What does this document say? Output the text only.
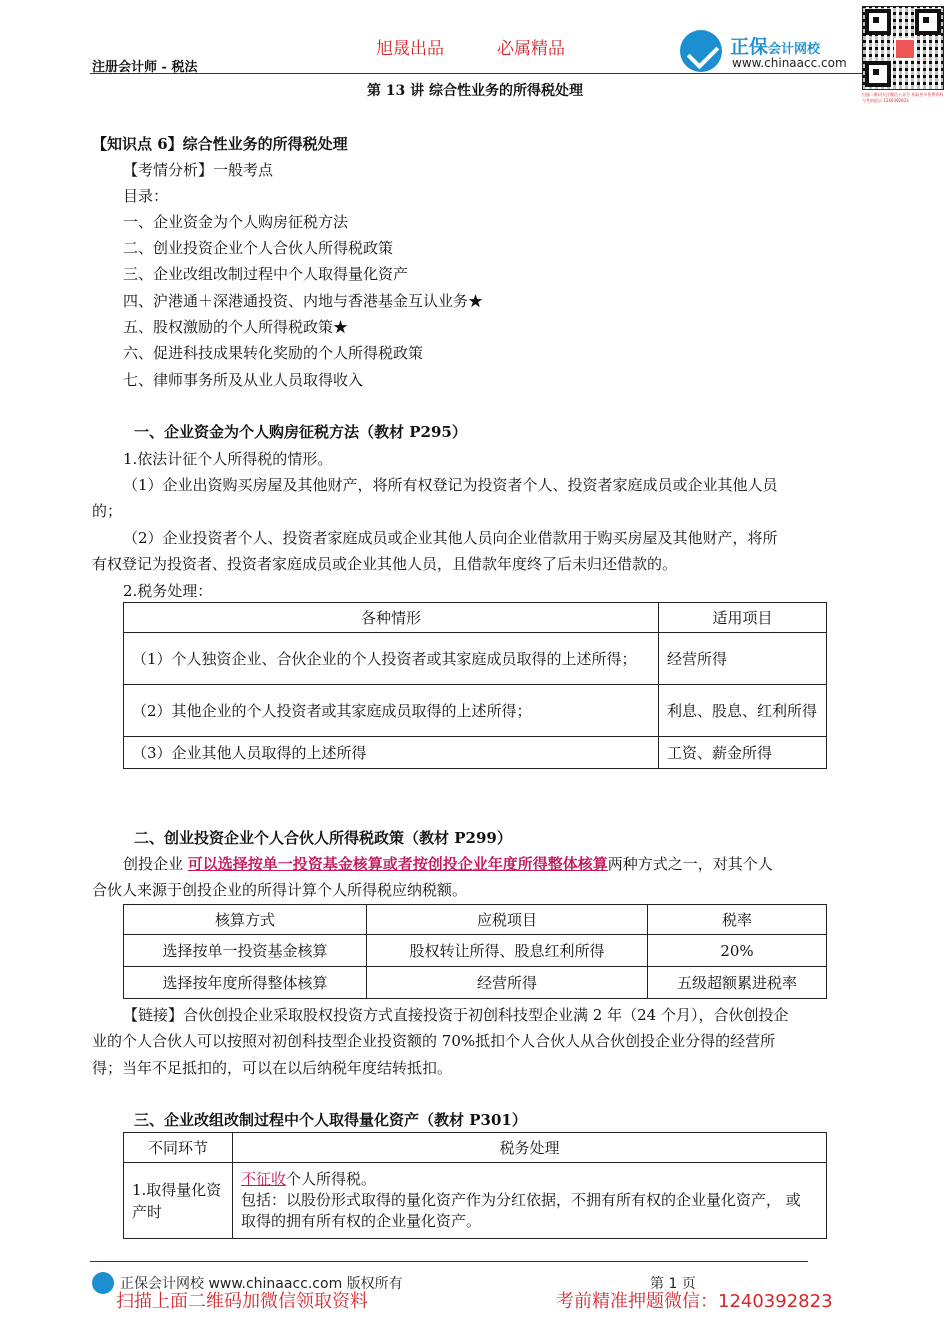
注册会计师 - 税法
旭晟出品	必属精品	正保会计网校
www.chinaacc.com
扫描二维码关注微信公众号 获取更多免费资料与考前提示 1240392823
第 13 讲 综合性业务的所得税处理
【知识点 6】综合性业务的所得税处理
【考情分析】一般考点
目录：
一、企业资金为个人购房征税方法
二、创业投资企业个人合伙人所得税政策
三、企业改组改制过程中个人取得量化资产
四、沪港通＋深港通投资、内地与香港基金互认业务★
五、股权激励的个人所得税政策★
六、促进科技成果转化奖励的个人所得税政策
七、律师事务所及从业人员取得收入
一、企业资金为个人购房征税方法（教材 P295）
1.依法计征个人所得税的情形。
（1）企业出资购买房屋及其他财产，将所有权登记为投资者个人、投资者家庭成员或企业其他人员
的；
（2）企业投资者个人、投资者家庭成员或企业其他人员向企业借款用于购买房屋及其他财产，将所
有权登记为投资者、投资者家庭成员或企业其他人员，且借款年度终了后未归还借款的。
2.税务处理：
各种情形	适用项目
（1）个人独资企业、合伙企业的个人投资者或其家庭成员取得的上述所得；	经营所得
（2）其他企业的个人投资者或其家庭成员取得的上述所得；	利息、股息、红利所得
（3）企业其他人员取得的上述所得	工资、薪金所得
二、创业投资企业个人合伙人所得税政策（教材 P299）
创投企业 可以选择按单一投资基金核算或者按创投企业年度所得整体核算两种方式之一，对其个人
合伙人来源于创投企业的所得计算个人所得税应纳税额。
核算方式	应税项目	税率
选择按单一投资基金核算	股权转让所得、股息红利所得	20%
选择按年度所得整体核算	经营所得	五级超额累进税率
【链接】合伙创投企业采取股权投资方式直接投资于初创科技型企业满 2 年（24 个月），合伙创投企
业的个人合伙人可以按照对初创科技型企业投资额的 70%抵扣个人合伙人从合伙创投企业分得的经营所
得；当年不足抵扣的，可以在以后纳税年度结转抵扣。
三、企业改组改制过程中个人取得量化资产（教材 P301）
不同环节	税务处理
1.取得量化资产时	不征收个人所得税。
包括：以股份形式取得的量化资产作为分红依据，不拥有所有权的企业量化资产， 或
取得的拥有所有权的企业量化资产。
正保会计网校 www.chinaacc.com 版权所有	第 1 页
扫描上面二维码加微信领取资料	考前精准押题微信：1240392823
